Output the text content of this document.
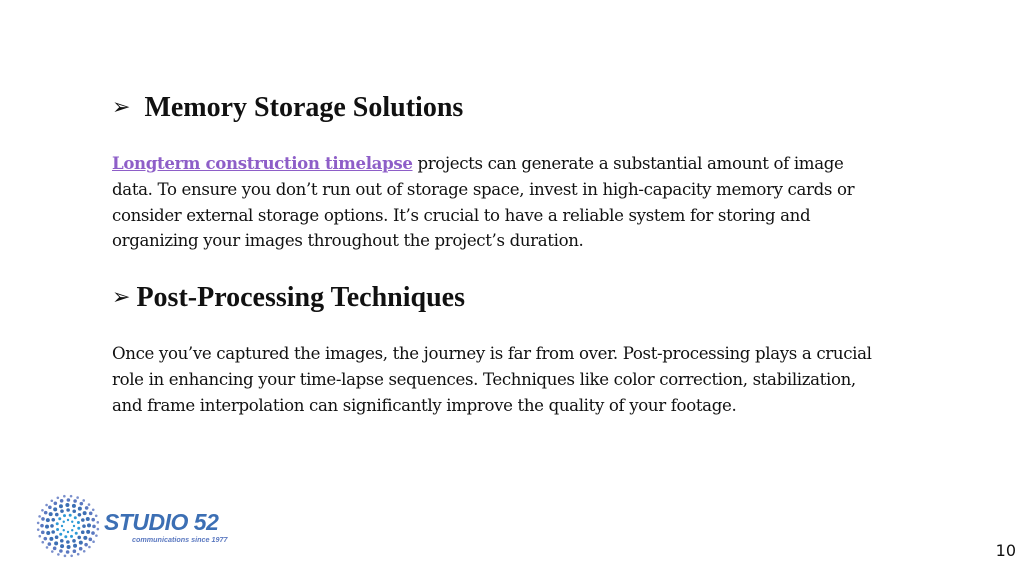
➢ Memory Storage Solutions

Longterm construction timelapse projects can generate a substantial amount of image data. To ensure you don’t run out of storage space, invest in high-capacity memory cards or consider external storage options. It’s crucial to have a reliable system for storing and organizing your images throughout the project’s duration.

➢ Post-Processing Techniques

Once you’ve captured the images, the journey is far from over. Post-processing plays a crucial role in enhancing your time-lapse sequences. Techniques like color correction, stabilization, and frame interpolation can significantly improve the quality of your footage.

STUDIO 52
communications since 1977
10
